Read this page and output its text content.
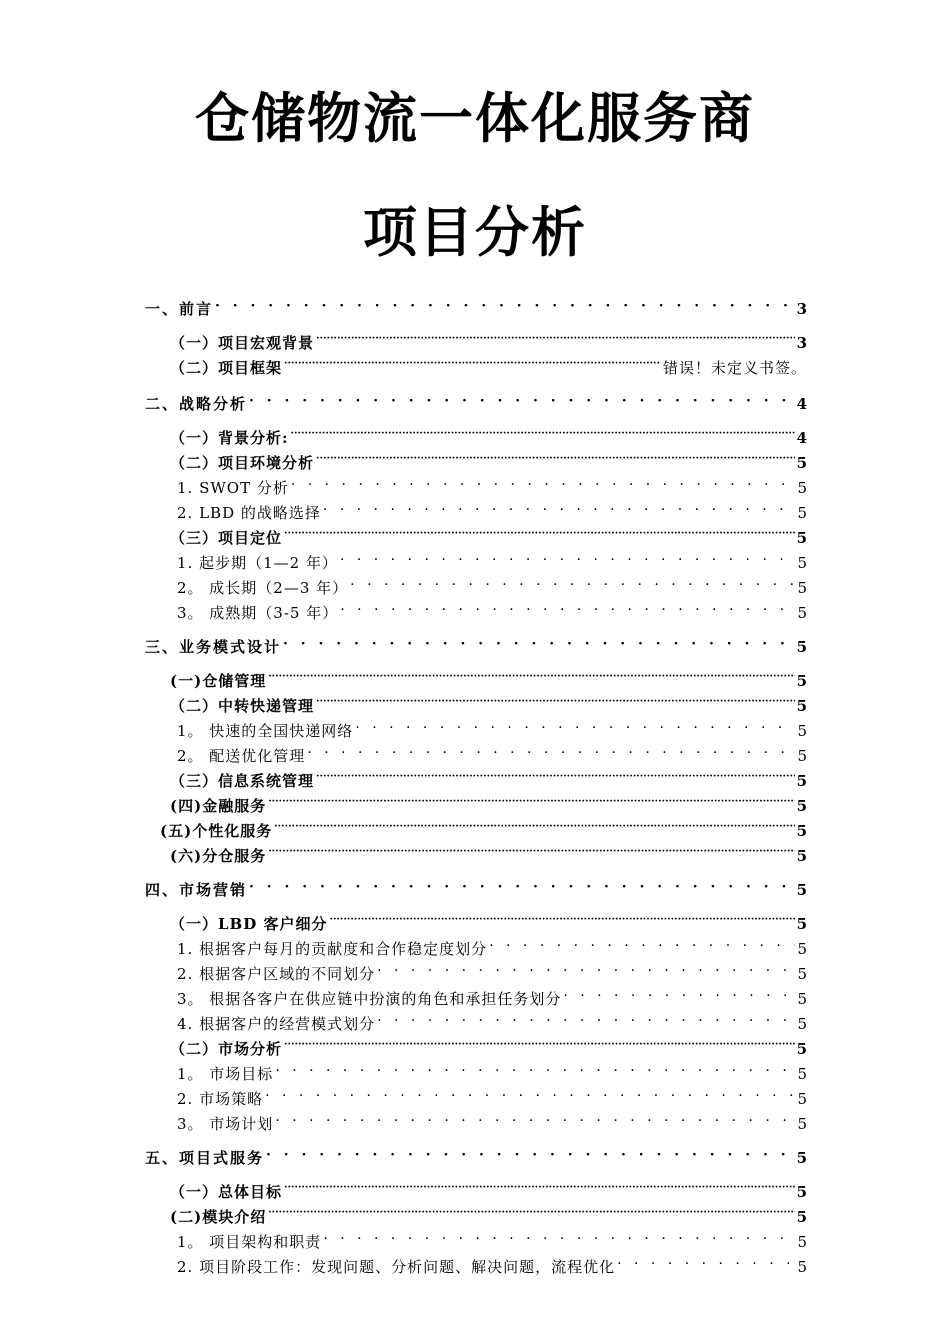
仓储物流一体化服务商
项目分析
一、前言 · · ·	3
（一）项目宏观背景 ·····	3
（二）项目框架 ·····	错误！未定义书签。
二、战略分析 · · ·	4
（一）背景分析: ·····	4
（二）项目环境分析 ·····	5
1. SWOT 分析 · · ·	5
2. LBD 的战略选择 · · ·	5
（三）项目定位 ·····	5
1. 起步期（1—2 年） · · ·	5
2。 成长期（2—3 年） · · ·	5
3。 成熟期（3-5 年） · · ·	5
三、业务模式设计 · · ·	5
(一)仓储管理 ·····	5
（二）中转快递管理 ·····	5
1。 快速的全国快递网络 · · ·	5
2。 配送优化管理 · · ·	5
（三）信息系统管理 ·····	5
(四)金融服务 ·····	5
(五)个性化服务 ·····	5
(六)分仓服务 ·····	5
四、市场营销 · · ·	5
（一）LBD 客户细分 ·····	5
1. 根据客户每月的贡献度和合作稳定度划分 · · ·	5
2. 根据客户区域的不同划分 · · ·	5
3。 根据各客户在供应链中扮演的角色和承担任务划分 · · ·	5
4. 根据客户的经营模式划分 · · ·	5
（二）市场分析 ·····	5
1。 市场目标 · · ·	5
2. 市场策略 · · ·	5
3。 市场计划 · · ·	5
五、项目式服务 · · ·	5
（一）总体目标 ·····	5
(二)模块介绍 ·····	5
1。 项目架构和职责 · · ·	5
2. 项目阶段工作：发现问题、分析问题、解决问题，流程优化 · · ·	5
